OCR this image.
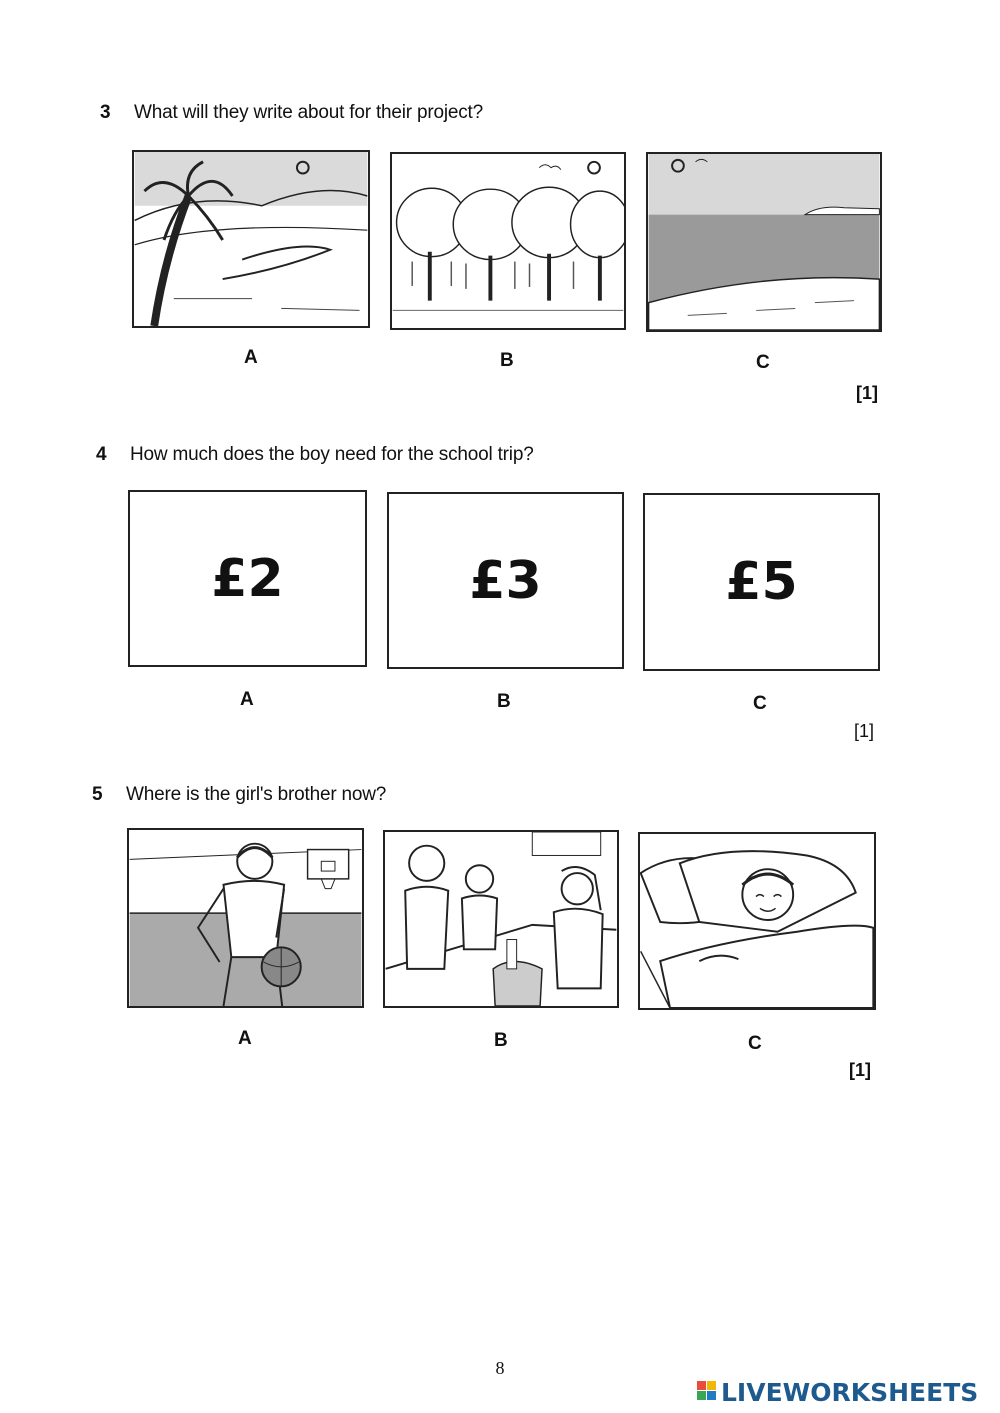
3 What will they write about for their project?
A	B	C
[1]
4 How much does the boy need for the school trip?
£2	£3	£5
A	B	C
[1]
5 Where is the girl's brother now?
A	B	C
[1]
8
LIVEWORKSHEETS
